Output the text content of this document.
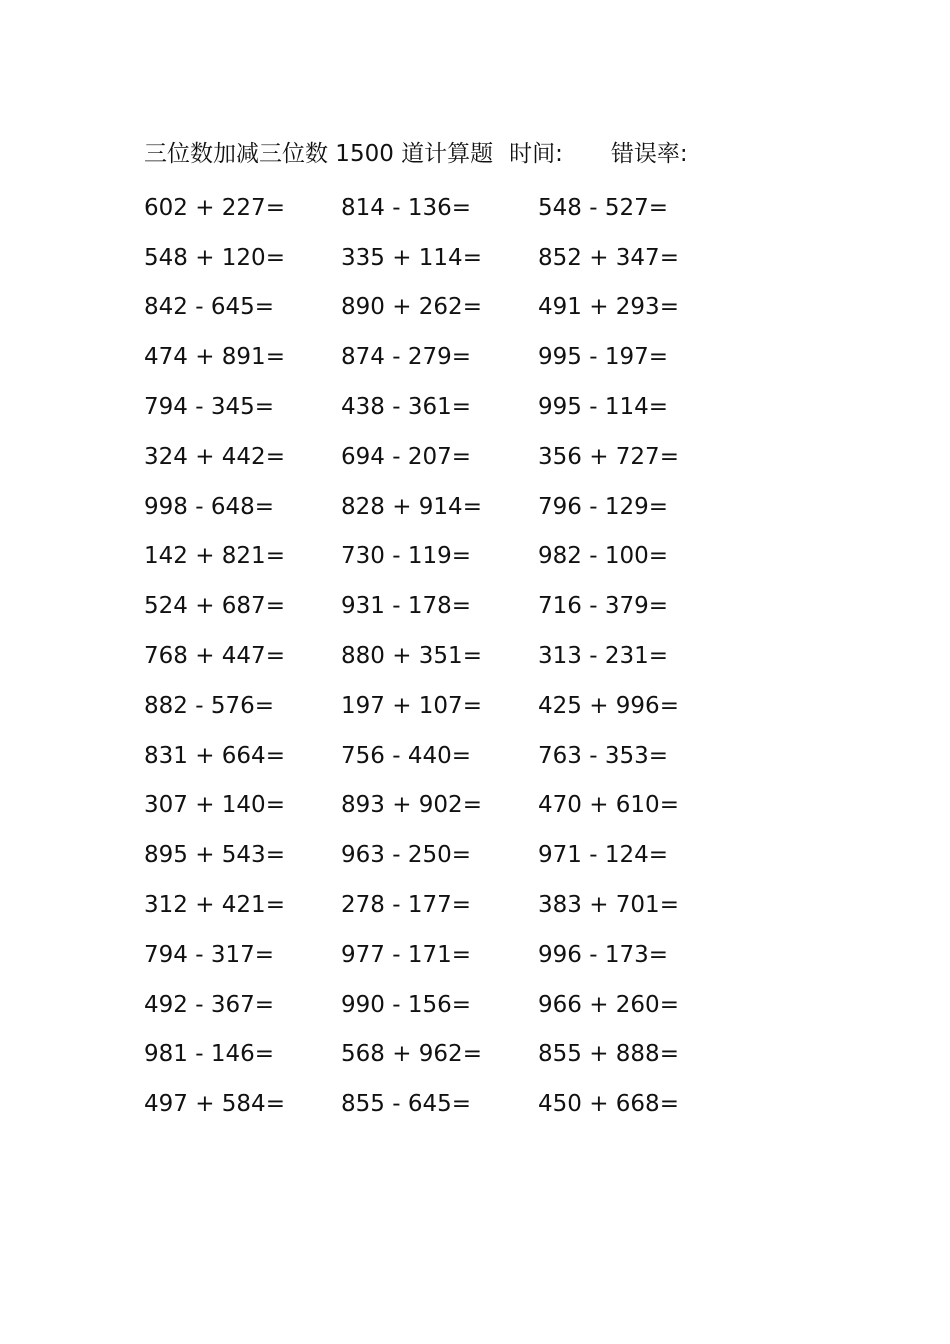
三位数加减三位数 1500 道计算题 时间: 错误率:
602 + 227=	814 - 136=	548 - 527=
548 + 120=	335 + 114=	852 + 347=
842 - 645=	890 + 262=	491 + 293=
474 + 891=	874 - 279=	995 - 197=
794 - 345=	438 - 361=	995 - 114=
324 + 442=	694 - 207=	356 + 727=
998 - 648=	828 + 914=	796 - 129=
142 + 821=	730 - 119=	982 - 100=
524 + 687=	931 - 178=	716 - 379=
768 + 447=	880 + 351=	313 - 231=
882 - 576=	197 + 107=	425 + 996=
831 + 664=	756 - 440=	763 - 353=
307 + 140=	893 + 902=	470 + 610=
895 + 543=	963 - 250=	971 - 124=
312 + 421=	278 - 177=	383 + 701=
794 - 317=	977 - 171=	996 - 173=
492 - 367=	990 - 156=	966 + 260=
981 - 146=	568 + 962=	855 + 888=
497 + 584=	855 - 645=	450 + 668=
